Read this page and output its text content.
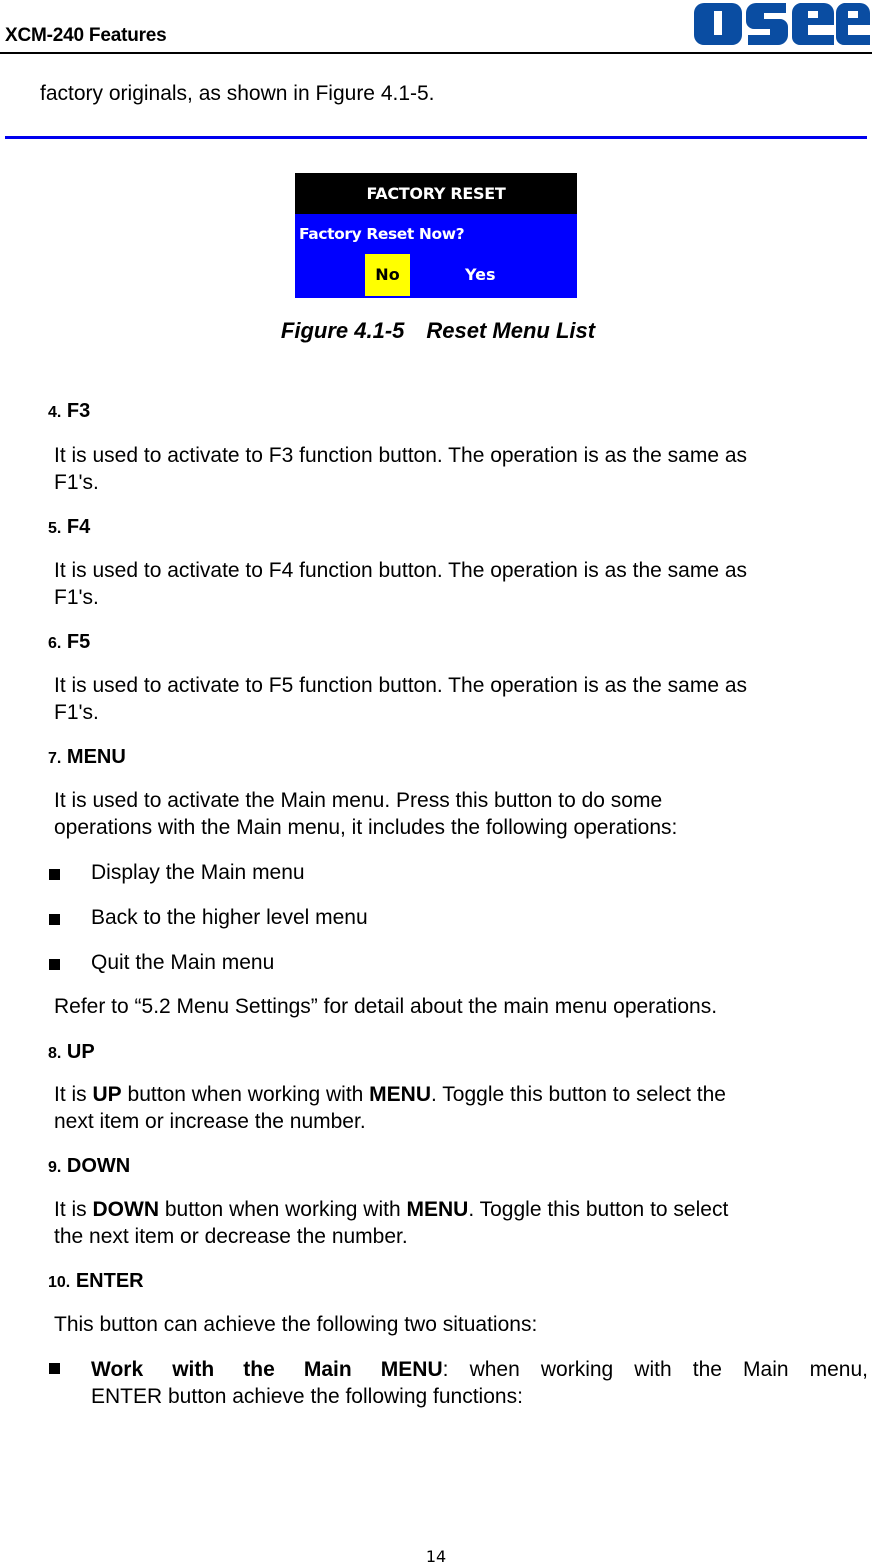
XCM-240 Features
factory originals, as shown in Figure 4.1-5.
FACTORY RESET
Factory Reset Now?
No	Yes
Figure 4.1-5 Reset Menu List
4. F3
It is used to activate to F3 function button. The operation is as the same as
F1's.
5. F4
It is used to activate to F4 function button. The operation is as the same as
F1's.
6. F5
It is used to activate to F5 function button. The operation is as the same as
F1's.
7. MENU
It is used to activate the Main menu. Press this button to do some
operations with the Main menu, it includes the following operations:
Display the Main menu
Back to the higher level menu
Quit the Main menu
Refer to “5.2 Menu Settings” for detail about the main menu operations.
8. UP
It is UP button when working with MENU. Toggle this button to select the
next item or increase the number.
9. DOWN
It is DOWN button when working with MENU. Toggle this button to select
the next item or decrease the number.
10. ENTER
This button can achieve the following two situations:
Work with the Main MENU: when working with the Main menu,
ENTER button achieve the following functions:
14
